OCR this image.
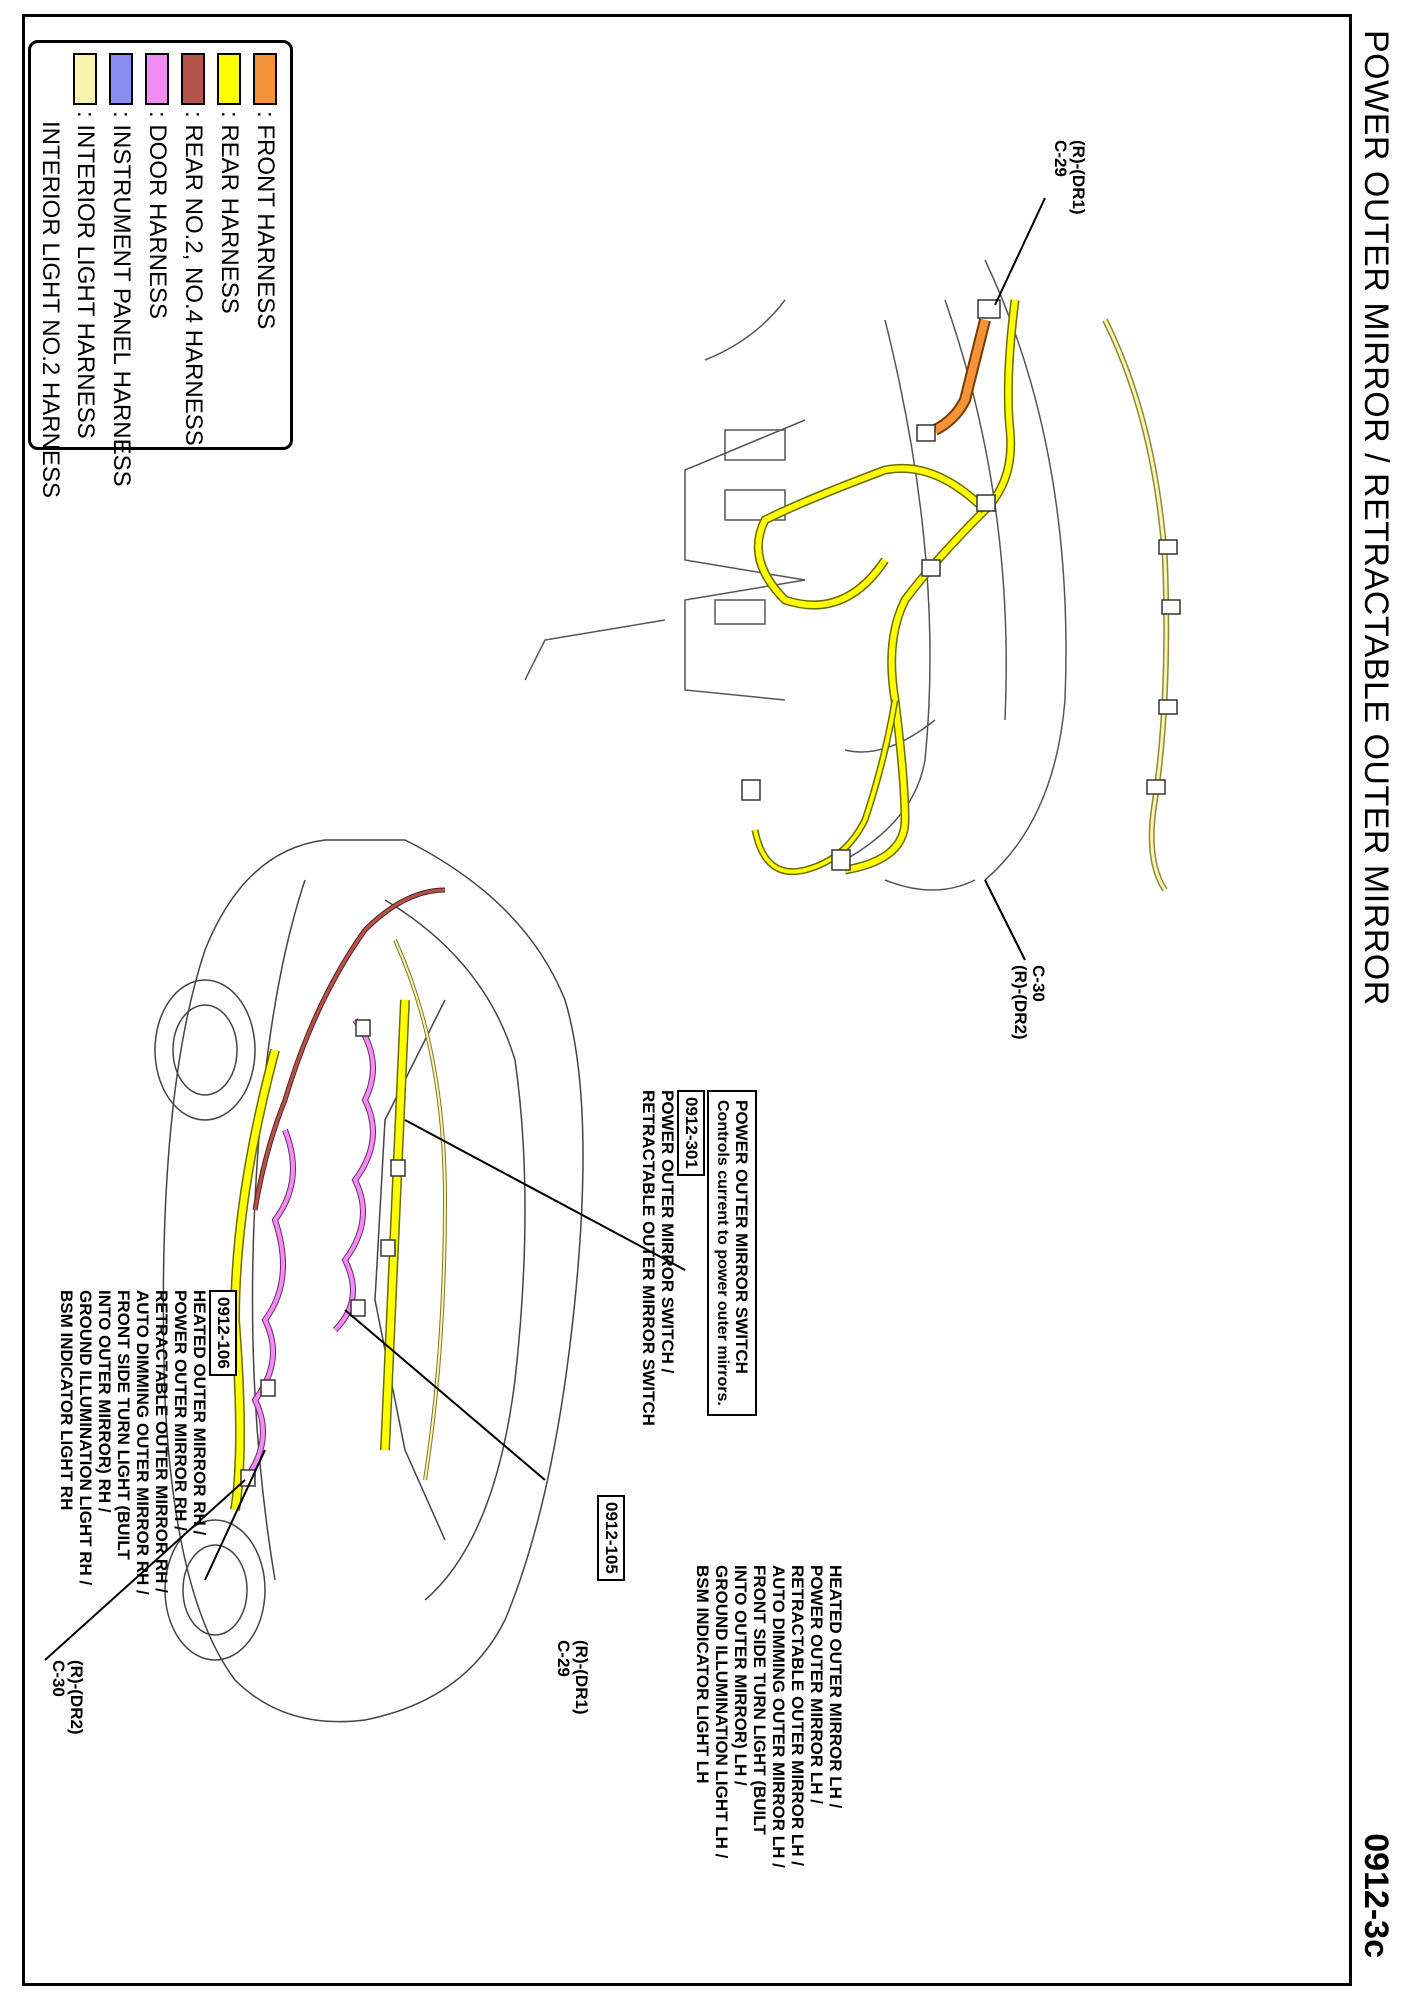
POWER OUTER MIRROR / RETRACTABLE OUTER MIRROR
0912-3c
: FRONT HARNESS
: REAR HARNESS
: REAR NO.2, NO.4 HARNESS
: DOOR HARNESS
: INSTRUMENT PANEL HARNESS
: INTERIOR LIGHT HARNESS
INTERIOR LIGHT NO.2 HARNESS	(R)-(DR1)
C-29
C-30
(R)-(DR2)
POWER OUTER MIRROR SWITCH
Controls current to power outer mirrors.
0912-301
POWER OUTER MIRROR SWITCH /
RETRACTABLE OUTER MIRROR SWITCH
HEATED OUTER MIRROR LH /
POWER OUTER MIRROR LH /
RETRACTABLE OUTER MIRROR LH /
AUTO DIMMING OUTER MIRROR LH /
FRONT SIDE TURN LIGHT (BUILT
INTO OUTER MIRROR) LH /
GROUND ILLUMINATION LIGHT LH /
BSM INDICATOR LIGHT LH
0912-105
(R)-(DR1)
C-29
0912-106
HEATED OUTER MIRROR RH /
POWER OUTER MIRROR RH /
RETRACTABLE OUTER MIRROR RH /
AUTO DIMMING OUTER MIRROR RH /
FRONT SIDE TURN LIGHT (BUILT
INTO OUTER MIRROR) RH /
GROUND ILLUMINATION LIGHT RH /
BSM INDICATOR LIGHT RH
(R)-(DR2)
C-30
